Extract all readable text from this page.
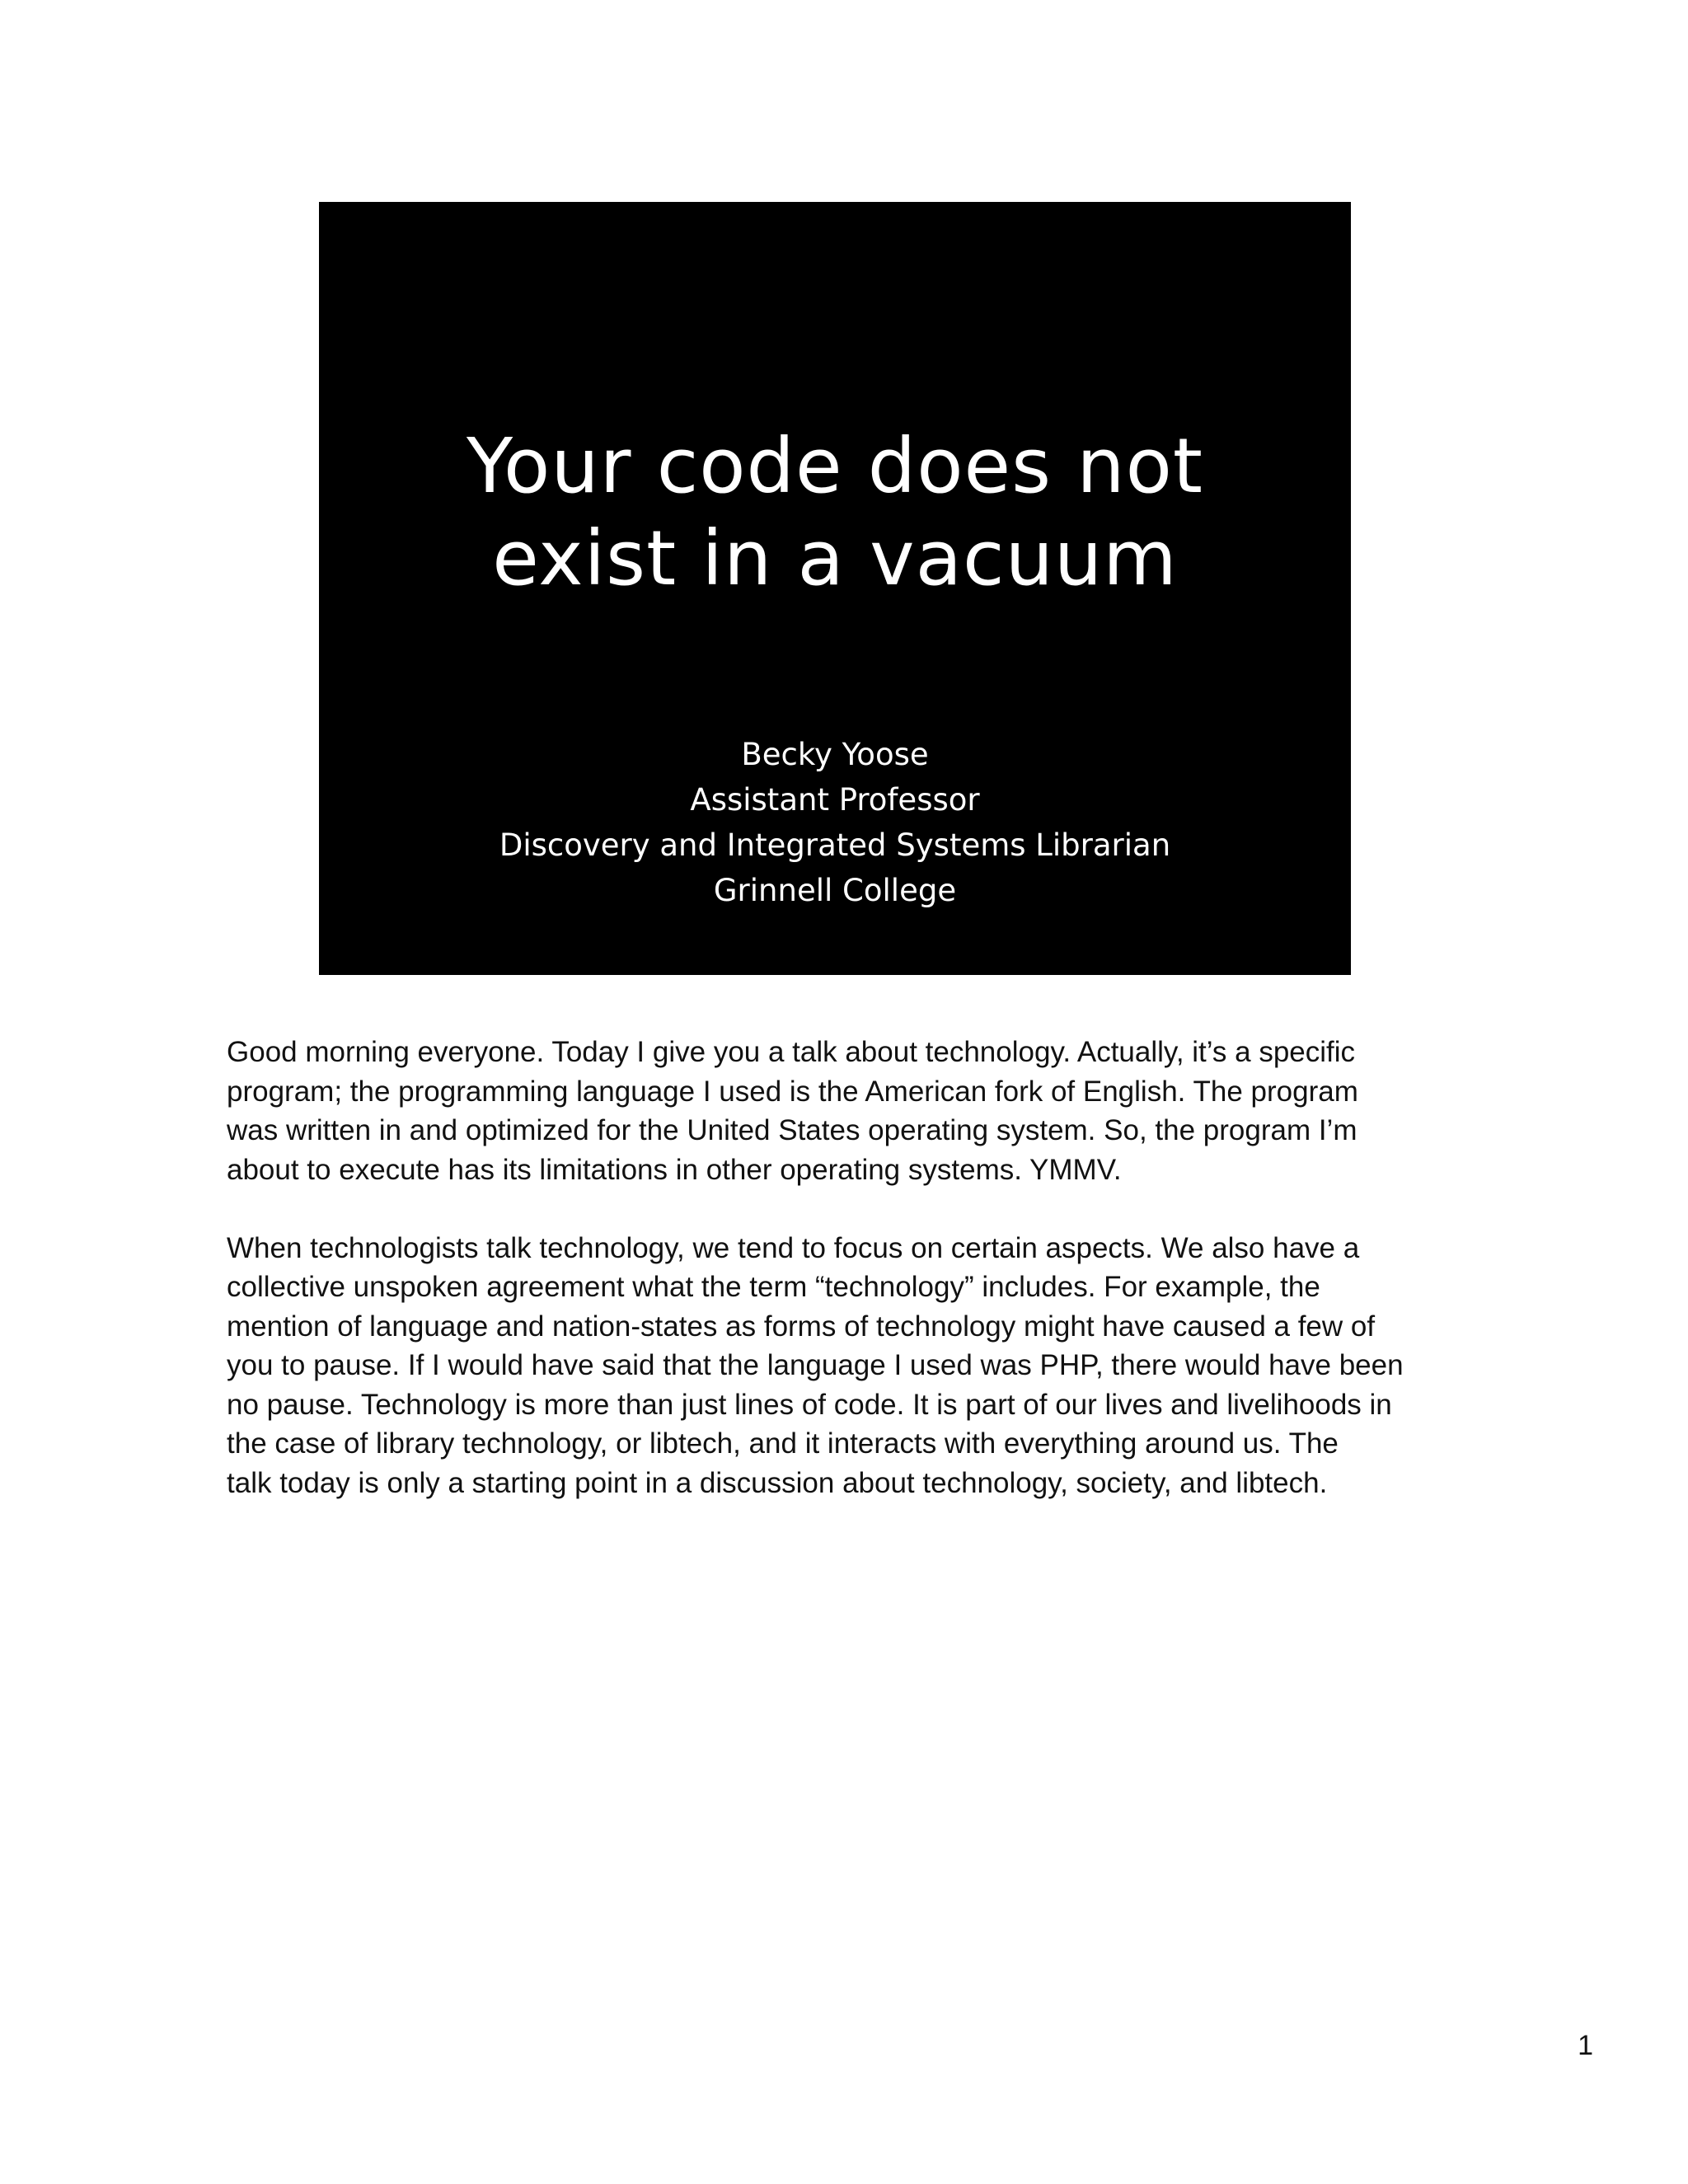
Your code does not
exist in a vacuum
Becky Yoose
Assistant Professor
Discovery and Integrated Systems Librarian
Grinnell College

Good morning everyone. Today I give you a talk about technology. Actually, it’s a specific
program; the programming language I used is the American fork of English. The program
was written in and optimized for the United States operating system. So, the program I’m
about to execute has its limitations in other operating systems. YMMV.

When technologists talk technology, we tend to focus on certain aspects. We also have a
collective unspoken agreement what the term “technology” includes. For example, the
mention of language and nation-states as forms of technology might have caused a few of
you to pause. If I would have said that the language I used was PHP, there would have been
no pause. Technology is more than just lines of code. It is part of our lives and livelihoods in
the case of library technology, or libtech, and it interacts with everything around us. The
talk today is only a starting point in a discussion about technology, society, and libtech.

1
